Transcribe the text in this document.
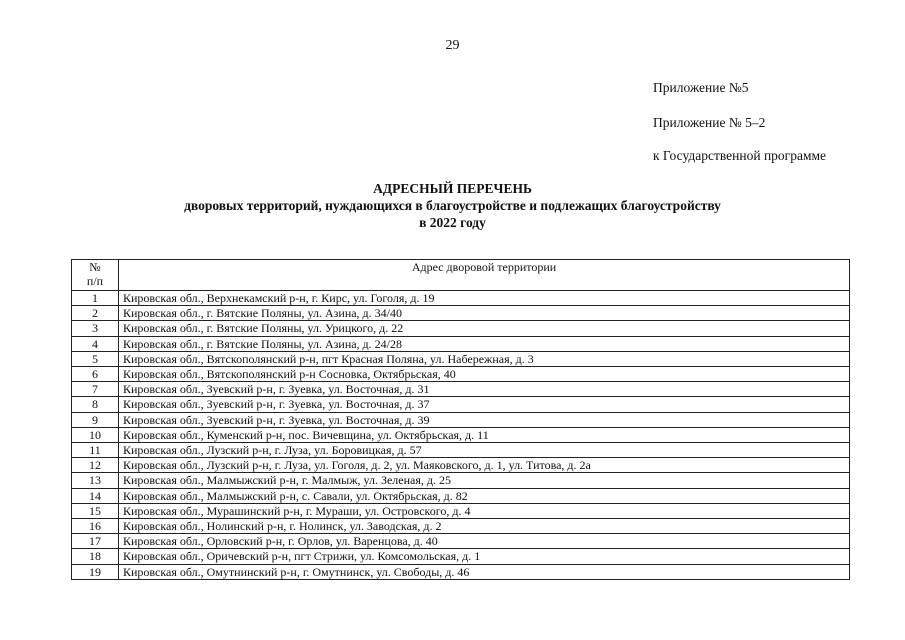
29
Приложение №5
Приложение № 5–2
к Государственной программе
АДРЕСНЫЙ ПЕРЕЧЕНЬ
дворовых территорий, нуждающихся в благоустройстве и подлежащих благоустройству
в 2022 году
№
п/п	Адрес дворовой территории
1	Кировская обл., Верхнекамский р-н, г. Кирс, ул. Гоголя, д. 19
2	Кировская обл., г. Вятские Поляны, ул. Азина, д. 34/40
3	Кировская обл., г. Вятские Поляны, ул. Урицкого, д. 22
4	Кировская обл., г. Вятские Поляны, ул. Азина, д. 24/28
5	Кировская обл., Вятскополянский р-н, пгт Красная Поляна, ул. Набережная, д. 3
6	Кировская обл., Вятскополянский р-н Сосновка, Октябрьская, 40
7	Кировская обл., Зуевский р-н, г. Зуевка, ул. Восточная, д. 31
8	Кировская обл., Зуевский р-н, г. Зуевка, ул. Восточная, д. 37
9	Кировская обл., Зуевский р-н, г. Зуевка, ул. Восточная, д. 39
10	Кировская обл., Куменский р-н, пос. Вичевщина, ул. Октябрьская, д. 11
11	Кировская обл., Лузский р-н, г. Луза, ул. Боровицкая, д. 57
12	Кировская обл., Лузский р-н, г. Луза, ул. Гоголя, д. 2, ул. Маяковского, д. 1, ул. Титова, д. 2а
13	Кировская обл., Малмыжский р-н, г. Малмыж, ул. Зеленая, д. 25
14	Кировская обл., Малмыжский р-н, с. Савали, ул. Октябрьская, д. 82
15	Кировская обл., Мурашинский р-н, г. Мураши, ул. Островского, д. 4
16	Кировская обл., Нолинский р-н, г. Нолинск, ул. Заводская, д. 2
17	Кировская обл., Орловский р-н, г. Орлов, ул. Варенцова, д. 40
18	Кировская обл., Оричевский р-н, пгт Стрижи, ул. Комсомольская, д. 1
19	Кировская обл., Омутнинский р-н, г. Омутнинск, ул. Свободы, д. 46
